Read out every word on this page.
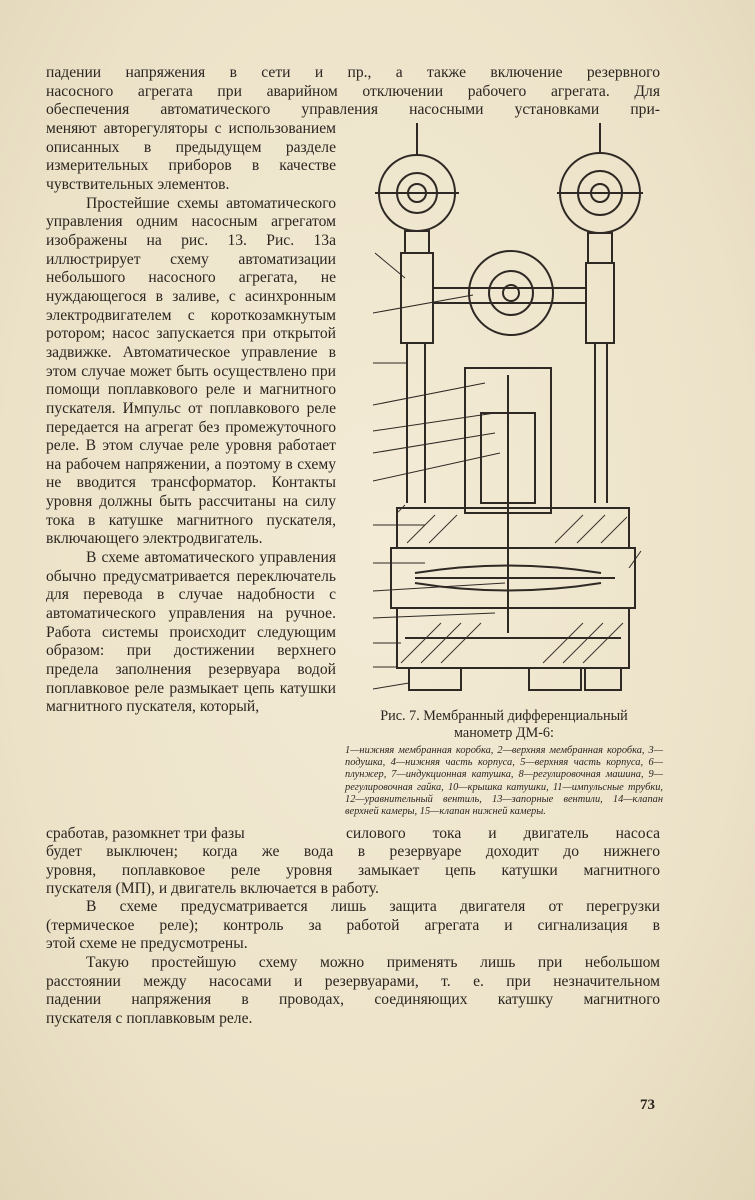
падении напряжения в сети и пр., а также включение резервного
насосного агрегата при аварийном отключении рабочего агрегата. Для
обеспечения автоматического управления насосными установками при-

меняют авторегуляторы с использованием описанных в предыдущем разделе измерительных приборов в качестве чувствительных элементов.

Простейшие схемы автоматического управления одним насосным агрегатом изображены на рис. 13. Рис. 13а иллюстрирует схему автоматизации небольшого насосного агрегата, не нуждающегося в заливе, с асинхронным электродвигателем с короткозамкнутым ротором; насос запускается при открытой задвижке. Автоматическое управление в этом случае может быть осуществлено при помощи поплавкового реле и магнитного пускателя. Импульс от поплавкового реле передается на агрегат без промежуточного реле. В этом случае реле уровня работает на рабочем напряжении, а поэтому в схему не вводится трансформатор. Контакты уровня должны быть рассчитаны на силу тока в катушке магнитного пускателя, включающего электродвигатель.

В схеме автоматического управления обычно предусматривается переключатель для перевода в случае надобности с автоматического управления на ручное. Работа системы происходит следующим образом: при достижении верхнего предела заполнения резервуара водой поплавковое реле размыкает цепь катушки магнитного пускателя, который,

Рис. 7. Мембранный дифференциальный
манометр ДМ-6:
1—нижняя мембранная коробка, 2—верхняя мембранная коробка, 3—подушка, 4—нижняя часть корпуса, 5—верхняя часть корпуса, 6—плунжер, 7—индукционная катушка, 8—регулировочная машина, 9—регулировочная гайка, 10—крышка катушки, 11—импульсные трубки, 12—уравнительный вентиль, 13—запорные вентили, 14—клапан верхней камеры, 15—клапан нижней камеры.
сработав, разомкнет три фазы	силового тока и двигатель насоса
будет выключен; когда же вода в резервуаре доходит до нижнего
уровня, поплавковое реле уровня замыкает цепь катушки магнитного
пускателя (МП), и двигатель включается в работу.
В схеме предусматривается лишь защита двигателя от перегрузки
(термическое реле); контроль за работой агрегата и сигнализация в
этой схеме не предусмотрены.
Такую простейшую схему можно применять лишь при небольшом
расстоянии между насосами и резервуарами, т. е. при незначительном
падении напряжения в проводах, соединяющих катушку магнитного
пускателя с поплавковым реле.
73
